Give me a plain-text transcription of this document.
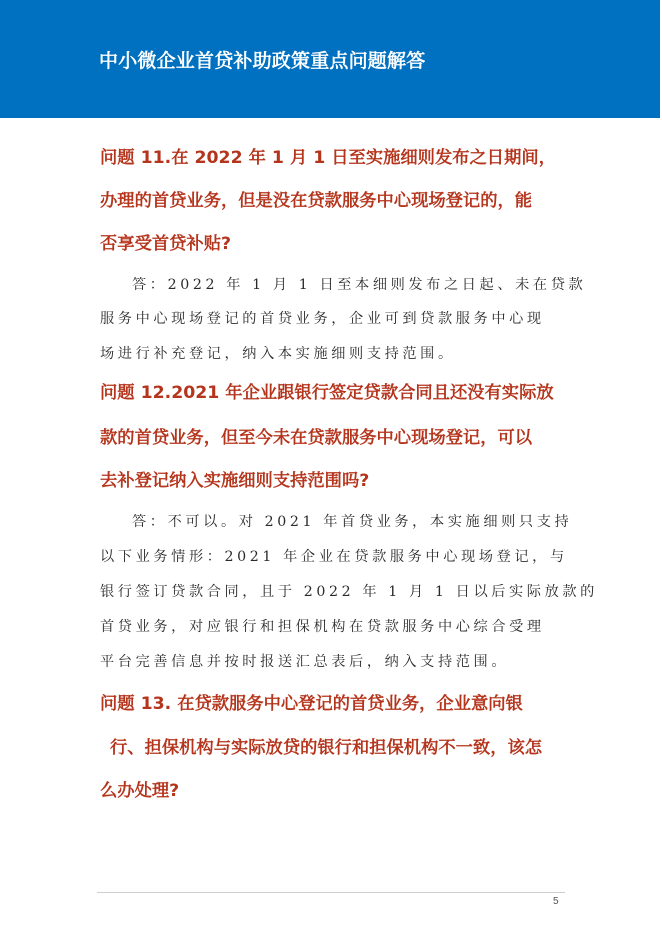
中小微企业首贷补助政策重点问题解答
问题 11.在 2022 年 1 月 1 日至实施细则发布之日期间，
办理的首贷业务，但是没在贷款服务中心现场登记的，能
否享受首贷补贴?
答：2022 年 1 月 1 日至本细则发布之日起、未在贷款
服务中心现场登记的首贷业务，企业可到贷款服务中心现
场进行补充登记，纳入本实施细则支持范围。
问题 12.2021 年企业跟银行签定贷款合同且还没有实际放
款的首贷业务，但至今未在贷款服务中心现场登记，可以
去补登记纳入实施细则支持范围吗?
答：不可以。对 2021 年首贷业务，本实施细则只支持
以下业务情形：2021 年企业在贷款服务中心现场登记，与
银行签订贷款合同，且于 2022 年 1 月 1 日以后实际放款的
首贷业务，对应银行和担保机构在贷款服务中心综合受理
平台完善信息并按时报送汇总表后，纳入支持范围。
问题 13. 在贷款服务中心登记的首贷业务，企业意向银
行、担保机构与实际放贷的银行和担保机构不一致，该怎
么办处理?
5
